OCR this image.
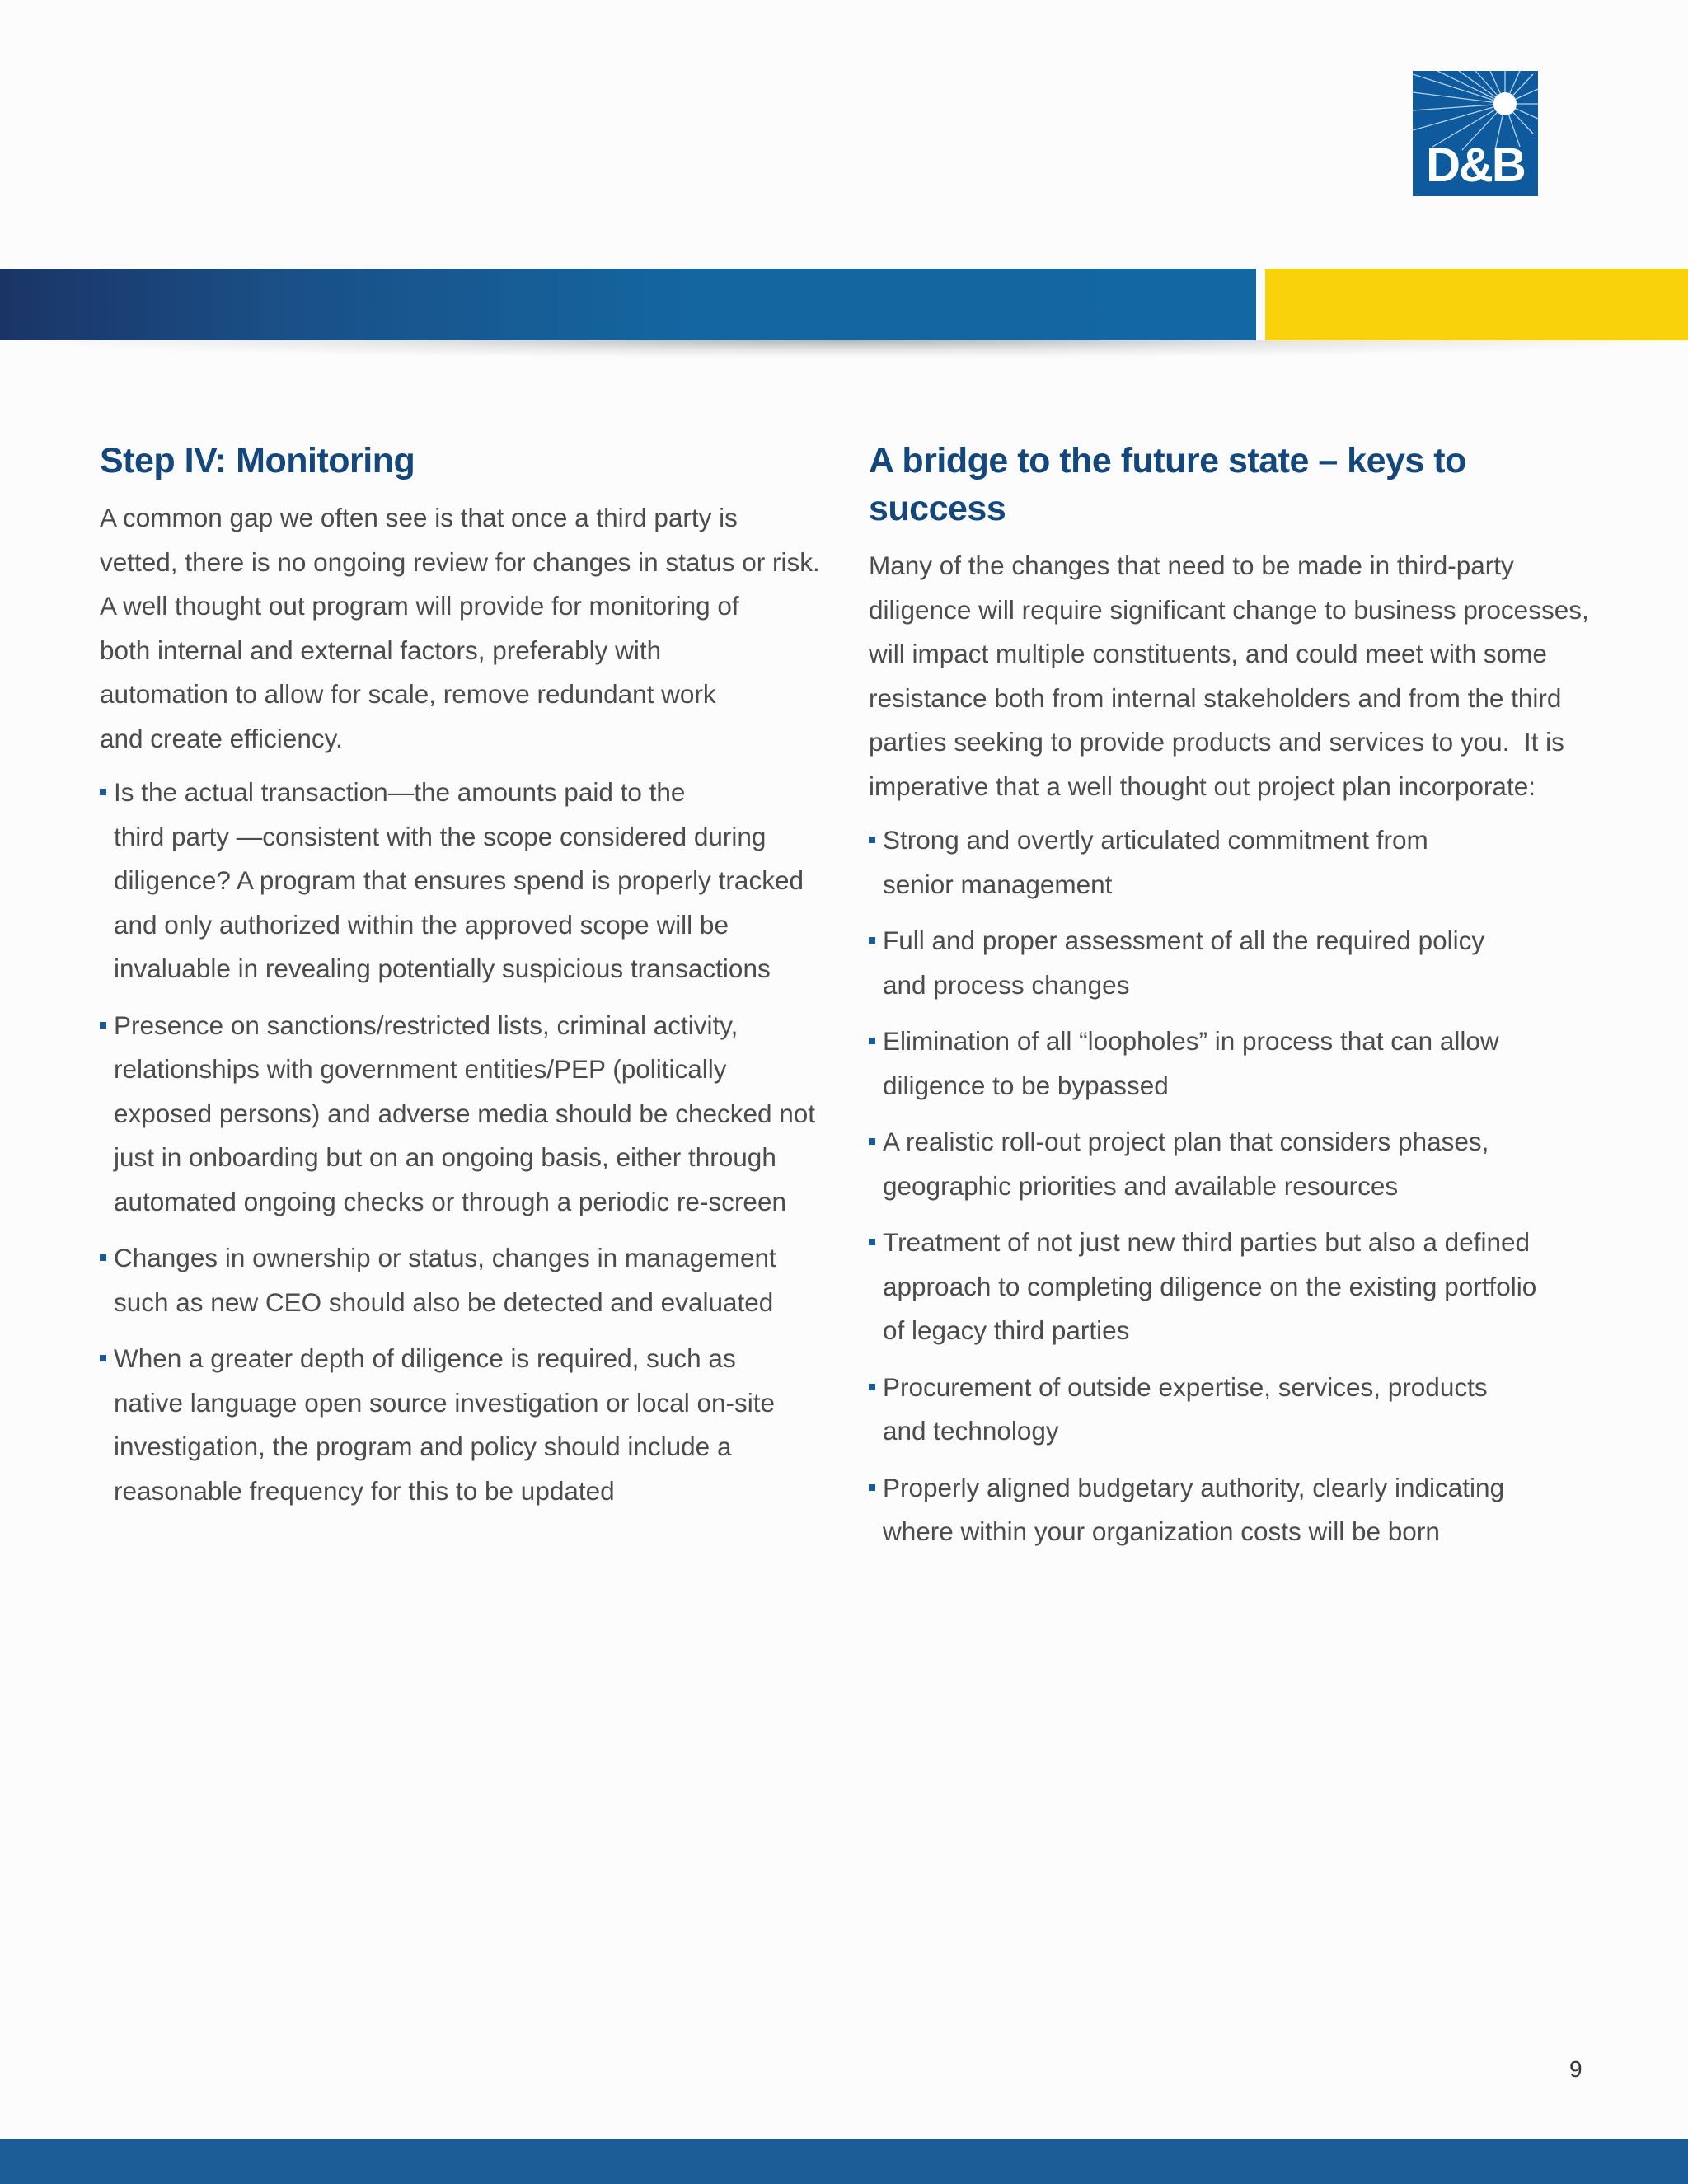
D&B
Step IV: Monitoring

A common gap we often see is that once a third party is
vetted, there is no ongoing review for changes in status or risk.
A well thought out program will provide for monitoring of
both internal and external factors, preferably with
automation to allow for scale, remove redundant work
and create efficiency.

Is the actual transaction—the amounts paid to the
third party —consistent with the scope considered during
diligence? A program that ensures spend is properly tracked
and only authorized within the approved scope will be
invaluable in revealing potentially suspicious transactions
Presence on sanctions/restricted lists, criminal activity,
relationships with government entities/PEP (politically
exposed persons) and adverse media should be checked not
just in onboarding but on an ongoing basis, either through
automated ongoing checks or through a periodic re-screen
Changes in ownership or status, changes in management
such as new CEO should also be detected and evaluated
When a greater depth of diligence is required, such as
native language open source investigation or local on-site
investigation, the program and policy should include a
reasonable frequency for this to be updated
A bridge to the future state – keys to success

Many of the changes that need to be made in third-party
diligence will require significant change to business processes,
will impact multiple constituents, and could meet with some
resistance both from internal stakeholders and from the third
parties seeking to provide products and services to you.  It is
imperative that a well thought out project plan incorporate:

Strong and overtly articulated commitment from
senior management
Full and proper assessment of all the required policy
and process changes
Elimination of all “loopholes” in process that can allow
diligence to be bypassed
A realistic roll-out project plan that considers phases,
geographic priorities and available resources
Treatment of not just new third parties but also a defined
approach to completing diligence on the existing portfolio
of legacy third parties
Procurement of outside expertise, services, products
and technology
Properly aligned budgetary authority, clearly indicating
where within your organization costs will be born
9
